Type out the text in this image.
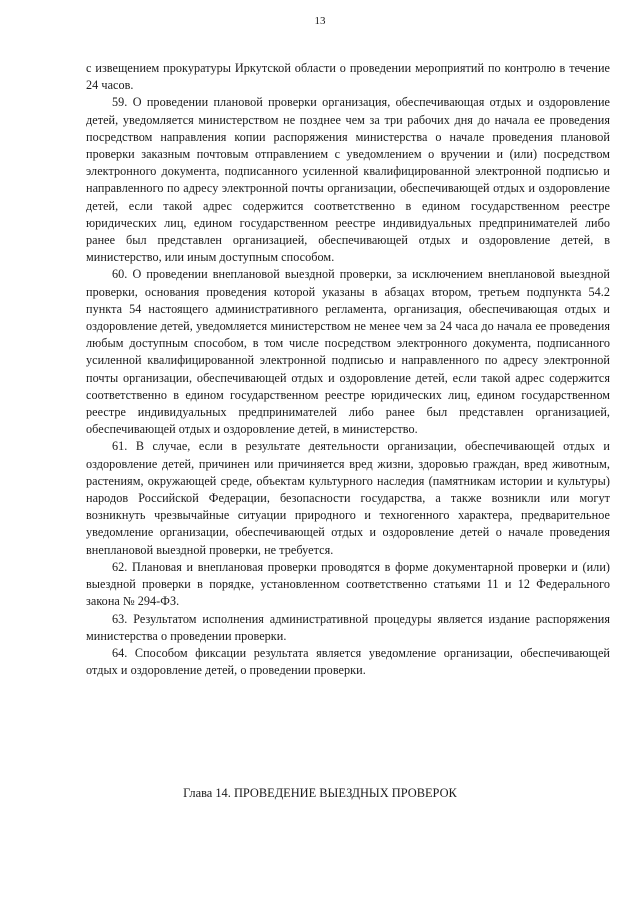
13

с извещением прокуратуры Иркутской области о проведении мероприятий по контролю в течение 24 часов.

59. О проведении плановой проверки организация, обеспечивающая отдых и оздоровление детей, уведомляется министерством не позднее чем за три рабочих дня до начала ее проведения посредством направления копии распоряжения министерства о начале проведения плановой проверки заказным почтовым отправлением с уведомлением о вручении и (или) посредством электронного документа, подписанного усиленной квалифицированной электронной подписью и направленного по адресу электронной почты организации, обеспечивающей отдых и оздоровление детей, если такой адрес содержится соответственно в едином государственном реестре юридических лиц, едином государственном реестре индивидуальных предпринимателей либо ранее был представлен организацией, обеспечивающей отдых и оздоровление детей, в министерство, или иным доступным способом.

60. О проведении внеплановой выездной проверки, за исключением внеплановой выездной проверки, основания проведения которой указаны в абзацах втором, третьем подпункта 54.2 пункта 54 настоящего административного регламента, организация, обеспечивающая отдых и оздоровление детей, уведомляется министерством не менее чем за 24 часа до начала ее проведения любым доступным способом, в том числе посредством электронного документа, подписанного усиленной квалифицированной электронной подписью и направленного по адресу электронной почты организации, обеспечивающей отдых и оздоровление детей, если такой адрес содержится соответственно в едином государственном реестре юридических лиц, едином государственном реестре индивидуальных предпринимателей либо ранее был представлен организацией, обеспечивающей отдых и оздоровление детей, в министерство.

61. В случае, если в результате деятельности организации, обеспечивающей отдых и оздоровление детей, причинен или причиняется вред жизни, здоровью граждан, вред животным, растениям, окружающей среде, объектам культурного наследия (памятникам истории и культуры) народов Российской Федерации, безопасности государства, а также возникли или могут возникнуть чрезвычайные ситуации природного и техногенного характера, предварительное уведомление организации, обеспечивающей отдых и оздоровление детей о начале проведения внеплановой выездной проверки, не требуется.

62. Плановая и внеплановая проверки проводятся в форме документарной проверки и (или) выездной проверки в порядке, установленном соответственно статьями 11 и 12 Федерального закона № 294-ФЗ.

63. Результатом исполнения административной процедуры является издание распоряжения министерства о проведении проверки.

64. Способом фиксации результата является уведомление организации, обеспечивающей отдых и оздоровление детей, о проведении проверки.

Глава 14. ПРОВЕДЕНИЕ ВЫЕЗДНЫХ ПРОВЕРОК
